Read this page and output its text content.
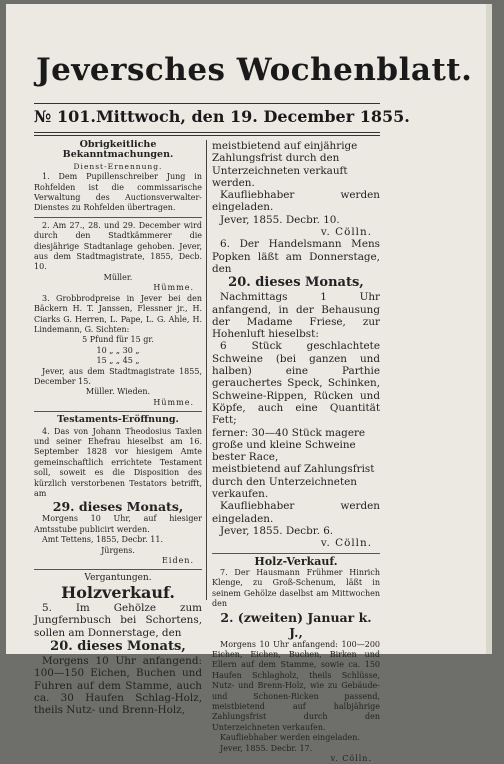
Jeversches Wochenblatt.
№ 101. Mittwoch, den 19. December 1855.

Obrigkeitliche Bekanntmachungen.

Dienst-Ernennung.

1. Dem Pupillenschreiber Jung in Rohfelden ist die commissarische Verwaltung des Auctionsverwalter-Dienstes zu Rohfelden übertragen.

2. Am 27., 28. und 29. December wird durch den Stadtkämmerer die diesjährige Stadtanlage gehoben. Jever, aus dem Stadtmagistrate, 1855, Decb. 10.

Müller.

Hümme.

3. Grobbrodpreise in Jever bei den Bäckern H. T. Janssen, Flessner jr., H. Ciarks G. Herren, L. Pape, L. G. Ahle, H. Lindemann, G. Sichten:

5 Pfund für 15 gr.

10 „ „ 30 „

15 „ „ 45 „

Jever, aus dem Stadtmagistrate 1855, December 15.

Müller. Wieden.

Hümme.

Testaments-Eröffnung.

4. Das von Johann Theodosius Taxlen und seiner Ehefrau hieselbst am 16. September 1828 vor hiesigem Amte gemeinschaftlich errichtete Testament soll, soweit es die Disposition des kürzlich verstorbenen Testators betrifft, am

29. dieses Monats,

Morgens 10 Uhr, auf hiesiger Amtsstube publicirt werden.

Amt Tettens, 1855, Decbr. 11.

Jürgens.

Eiden.

Vergantungen.

Holzverkauf.

5. Im Gehölze zum Jungfernbusch bei Schortens, sollen am Donnerstage, den

20. dieses Monats,

Morgens 10 Uhr anfangend: 100—150 Eichen, Buchen und Fuhren auf dem Stamme, auch ca. 30 Haufen Schlag-Holz, theils Nutz- und Brenn-Holz,

meistbietend auf einjährige Zahlungsfrist durch den Unterzeichneten verkauft werden.

Kaufliebhaber werden eingeladen.

Jever, 1855. Decbr. 10.

v. Cölln.

6. Der Handelsmann Mens Popken läßt am Donnerstage, den

20. dieses Monats,

Nachmittags 1 Uhr anfangend, in der Behausung der Madame Friese, zur Hohenluft hieselbst:

6 Stück geschlachtete Schweine (bei ganzen und halben) eine Parthie gerauchertes Speck, Schinken, Schweine-Rippen, Rücken und Köpfe, auch eine Quantität Fett;

ferner: 30—40 Stück magere große und kleine Schweine bester Race,

meistbietend auf Zahlungsfrist durch den Unterzeichneten verkaufen.

Kaufliebhaber werden eingeladen.

Jever, 1855. Decbr. 6.

v. Cölln.

Holz-Verkauf.

7. Der Hausmann Frühmer Hinrich Klenge, zu Groß-Schenum, läßt in seinem Gehölze daselbst am Mittwochen den

2. (zweiten) Januar k. J.,

Morgens 10 Uhr anfangend: 100—200 Eichen, Eichen, Buchen, Birken und Ellern auf dem Stamme, sowie ca. 150 Haufen Schlagholz, theils Schlüsse, Nutz- und Brenn-Holz, wie zu Gebäude- und Schonen-Ricken passend, meistbietend auf halbjährige Zahlungsfrist durch den Unterzeichneten verkaufen.

Kaufliebhaber werden eingeladen.

Jever, 1855. Decbr. 17.

v. Cölln.
